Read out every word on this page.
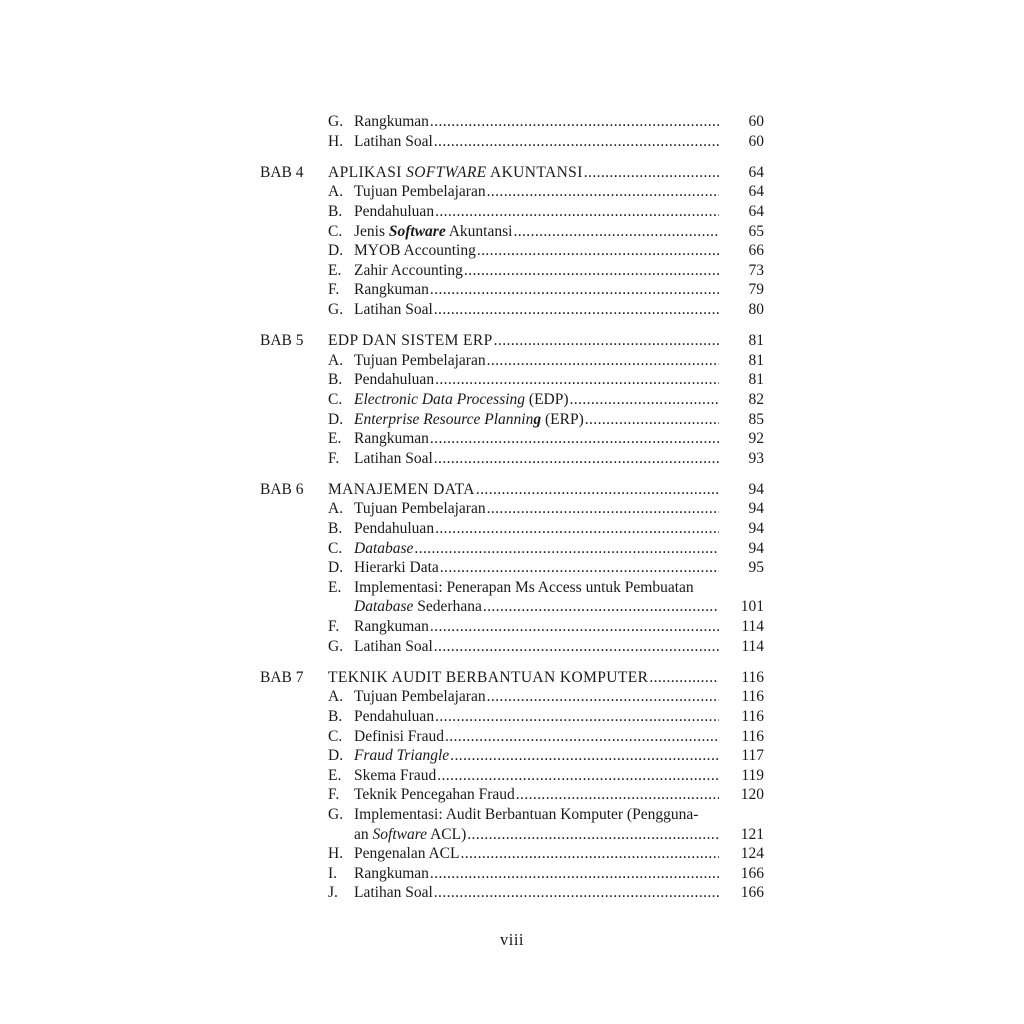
G. Rangkuman .....	60
H. Latihan Soal .....	60
BAB 4 APLIKASI SOFTWARE AKUNTANSI .....	64
A. Tujuan Pembelajaran .....	64
B. Pendahuluan .....	64
C. Jenis Software Akuntansi .....	65
D. MYOB Accounting .....	66
E. Zahir Accounting .....	73
F. Rangkuman .....	79
G. Latihan Soal .....	80
BAB 5 EDP DAN SISTEM ERP .....	81
A. Tujuan Pembelajaran .....	81
B. Pendahuluan .....	81
C. Electronic Data Processing (EDP) .....	82
D. Enterprise Resource Planning (ERP) .....	85
E. Rangkuman .....	92
F. Latihan Soal .....	93
BAB 6 MANAJEMEN DATA .....	94
A. Tujuan Pembelajaran .....	94
B. Pendahuluan .....	94
C. Database .....	94
D. Hierarki Data .....	95
E. Implementasi: Penerapan Ms Access untuk Pembuatan
Database Sederhana .....	101
F. Rangkuman .....	114
G. Latihan Soal .....	114
BAB 7 TEKNIK AUDIT BERBANTUAN KOMPUTER .....	116
A. Tujuan Pembelajaran .....	116
B. Pendahuluan .....	116
C. Definisi Fraud .....	116
D. Fraud Triangle .....	117
E. Skema Fraud .....	119
F. Teknik Pencegahan Fraud .....	120
G. Implementasi: Audit Berbantuan Komputer (Pengguna-
an Software ACL) .....	121
H. Pengenalan ACL .....	124
I. Rangkuman .....	166
J. Latihan Soal .....	166
viii
